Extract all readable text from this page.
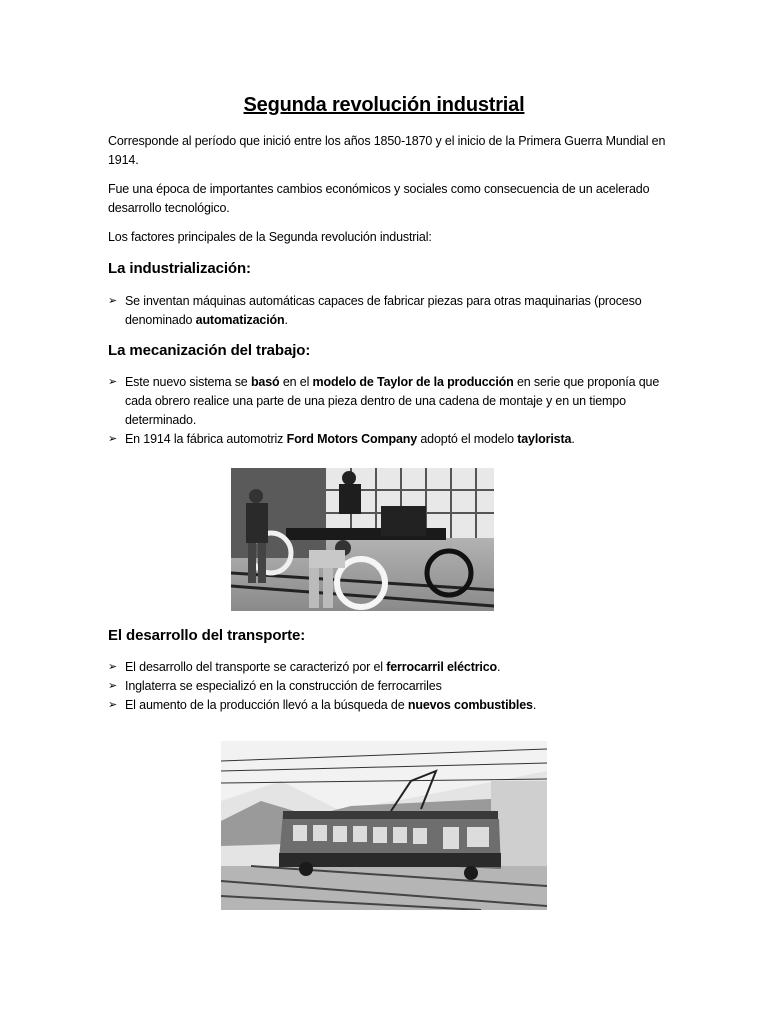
Segunda revolución industrial
Corresponde al período que inició entre los años 1850-1870 y el inicio de la Primera Guerra Mundial en 1914.
Fue una época de importantes cambios económicos y sociales como consecuencia de un acelerado desarrollo tecnológico.
Los factores principales de la Segunda revolución industrial:
La industrialización:
➢ Se inventan máquinas automáticas capaces de fabricar piezas para otras maquinarias (proceso denominado automatización.
La mecanización del trabajo:
➢ Este nuevo sistema se basó en el modelo de Taylor de la producción en serie que proponía que cada obrero realice una parte de una pieza dentro de una cadena de montaje y en un tiempo determinado.
➢ En 1914 la fábrica automotriz Ford Motors Company adoptó el modelo taylorista.
El desarrollo del transporte:
➢ El desarrollo del transporte se caracterizó por el ferrocarril eléctrico.
➢ Inglaterra se especializó en la construcción de ferrocarriles
➢ El aumento de la producción llevó a la búsqueda de nuevos combustibles.
